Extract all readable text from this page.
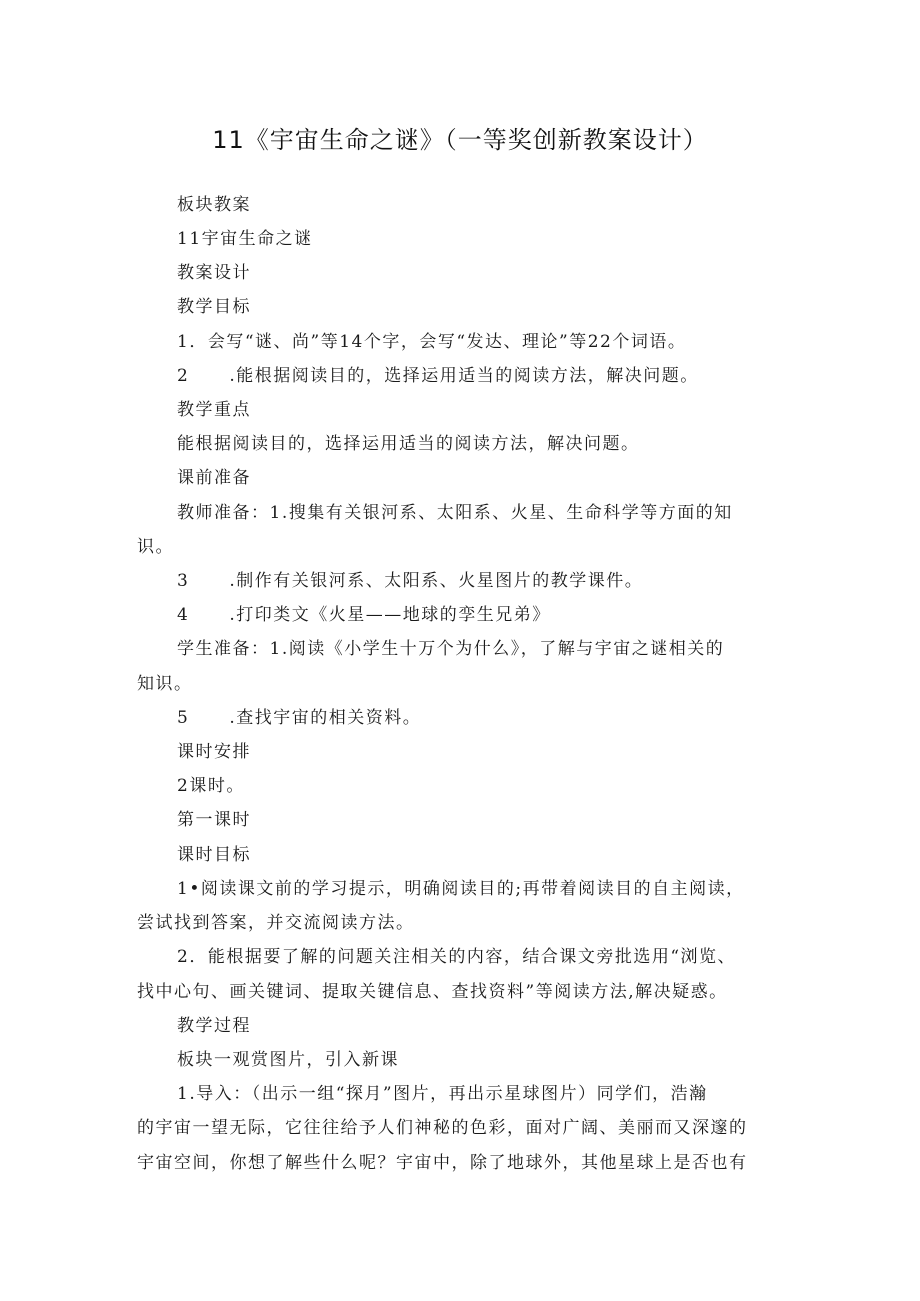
11《宇宙生命之谜》（一等奖创新教案设计）
板块教案
11宇宙生命之谜
教案设计
教学目标
1．会写“谜、尚”等14个字，会写“发达、理论”等22个词语。
2 .能根据阅读目的，选择运用适当的阅读方法，解决问题。
教学重点
能根据阅读目的，选择运用适当的阅读方法，解决问题。
课前准备
教师准备：1.搜集有关银河系、太阳系、火星、生命科学等方面的知
识。
3 .制作有关银河系、太阳系、火星图片的教学课件。
4 .打印类文《火星——地球的孪生兄弟》
学生准备：1.阅读《小学生十万个为什么》，了解与宇宙之谜相关的
知识。
5 .查找宇宙的相关资料。
课时安排
2课时。
第一课时
课时目标
1•阅读课文前的学习提示，明确阅读目的;再带着阅读目的自主阅读，
尝试找到答案，并交流阅读方法。
2．能根据要了解的问题关注相关的内容，结合课文旁批选用“浏览、
找中心句、画关键词、提取关键信息、查找资料”等阅读方法,解决疑惑。
教学过程
板块一观赏图片，引入新课
1.导入：（出示一组“探月”图片，再出示星球图片）同学们，浩瀚
的宇宙一望无际，它往往给予人们神秘的色彩，面对广阔、美丽而又深邃的
宇宙空间，你想了解些什么呢？宇宙中，除了地球外，其他星球上是否也有
